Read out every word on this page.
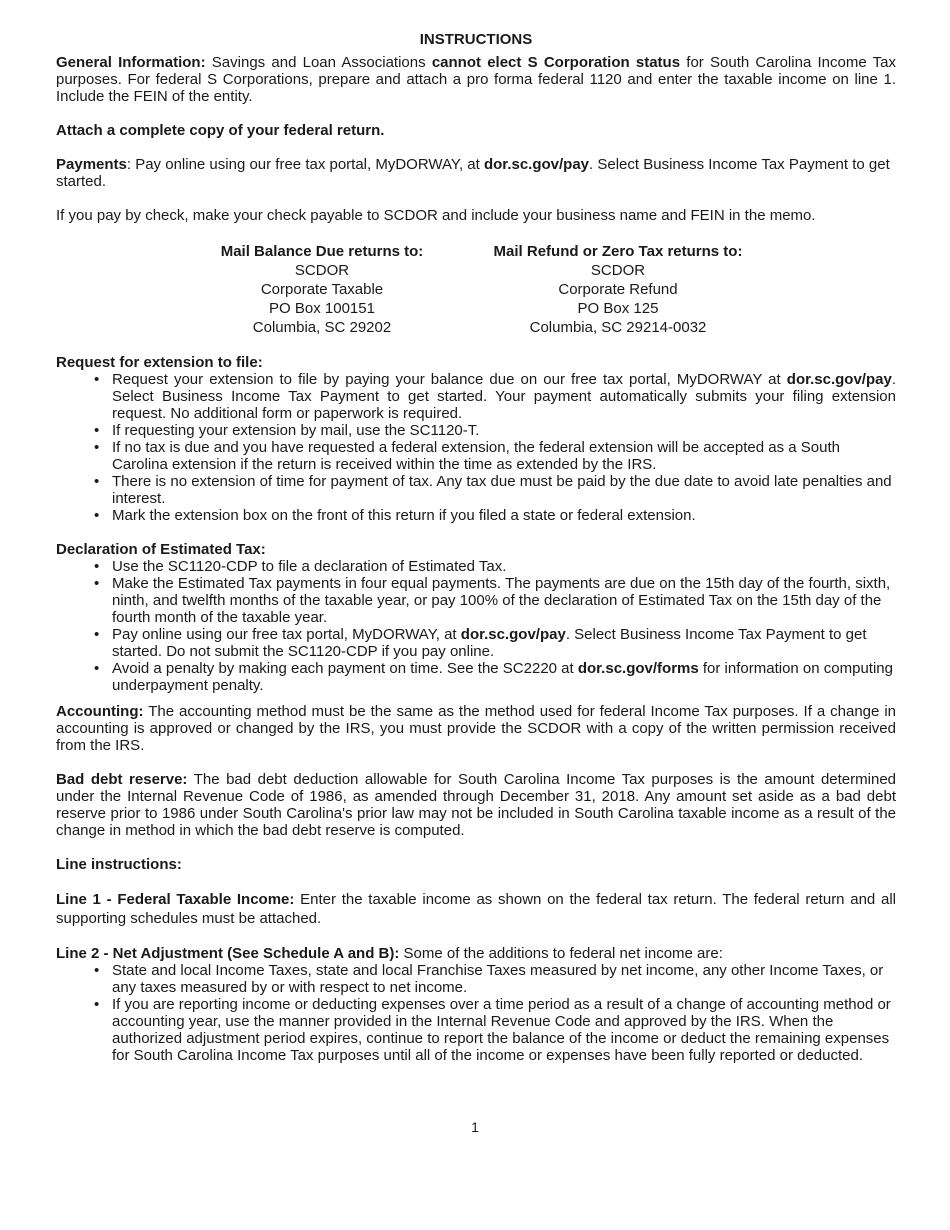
INSTRUCTIONS

General Information: Savings and Loan Associations cannot elect S Corporation status for South Carolina Income Tax purposes. For federal S Corporations, prepare and attach a pro forma federal 1120 and enter the taxable income on line 1. Include the FEIN of the entity.

Attach a complete copy of your federal return.

Payments: Pay online using our free tax portal, MyDORWAY, at dor.sc.gov/pay. Select Business Income Tax Payment to get started.

If you pay by check, make your check payable to SCDOR and include your business name and FEIN in the memo.

Mail Balance Due returns to:
SCDOR
Corporate Taxable
PO Box 100151
Columbia, SC 29202
Mail Refund or Zero Tax returns to:
SCDOR
Corporate Refund
PO Box 125
Columbia, SC 29214-0032

Request for extension to file:

• Request your extension to file by paying your balance due on our free tax portal, MyDORWAY at dor.sc.gov/pay. Select Business Income Tax Payment to get started. Your payment automatically submits your filing extension request. No additional form or paperwork is required.
• If requesting your extension by mail, use the SC1120-T.
• If no tax is due and you have requested a federal extension, the federal extension will be accepted as a South Carolina extension if the return is received within the time as extended by the IRS.
• There is no extension of time for payment of tax. Any tax due must be paid by the due date to avoid late penalties and interest.
• Mark the extension box on the front of this return if you filed a state or federal extension.

Declaration of Estimated Tax:

• Use the SC1120-CDP to file a declaration of Estimated Tax.
• Make the Estimated Tax payments in four equal payments. The payments are due on the 15th day of the fourth, sixth, ninth, and twelfth months of the taxable year, or pay 100% of the declaration of Estimated Tax on the 15th day of the fourth month of the taxable year.
• Pay online using our free tax portal, MyDORWAY, at dor.sc.gov/pay. Select Business Income Tax Payment to get started. Do not submit the SC1120-CDP if you pay online.
• Avoid a penalty by making each payment on time. See the SC2220 at dor.sc.gov/forms for information on computing underpayment penalty.

Accounting: The accounting method must be the same as the method used for federal Income Tax purposes. If a change in accounting is approved or changed by the IRS, you must provide the SCDOR with a copy of the written permission received from the IRS.

Bad debt reserve: The bad debt deduction allowable for South Carolina Income Tax purposes is the amount determined under the Internal Revenue Code of 1986, as amended through December 31, 2018. Any amount set aside as a bad debt reserve prior to 1986 under South Carolina's prior law may not be included in South Carolina taxable income as a result of the change in method in which the bad debt reserve is computed.

Line instructions:

Line 1 - Federal Taxable Income: Enter the taxable income as shown on the federal tax return. The federal return and all supporting schedules must be attached.

Line 2 - Net Adjustment (See Schedule A and B): Some of the additions to federal net income are:

• State and local Income Taxes, state and local Franchise Taxes measured by net income, any other Income Taxes, or any taxes measured by or with respect to net income.
• If you are reporting income or deducting expenses over a time period as a result of a change of accounting method or accounting year, use the manner provided in the Internal Revenue Code and approved by the IRS. When the authorized adjustment period expires, continue to report the balance of the income or deduct the remaining expenses for South Carolina Income Tax purposes until all of the income or expenses have been fully reported or deducted.
1
